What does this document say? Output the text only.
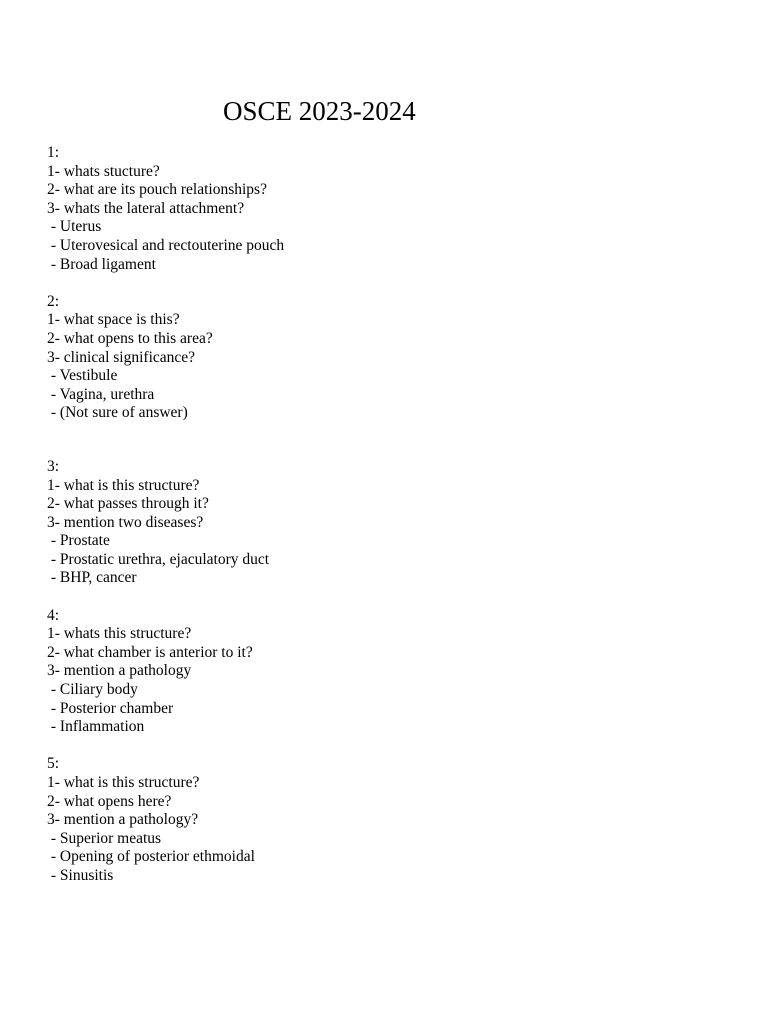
OSCE 2023-2024
1:
1- whats stucture?
2- what are its pouch relationships?
3- whats the lateral attachment?
- Uterus
- Uterovesical and rectouterine pouch
- Broad ligament
2:
1- what space is this?
2- what opens to this area?
3- clinical significance?
- Vestibule
- Vagina, urethra
- (Not sure of answer)
3:
1- what is this structure?
2- what passes through it?
3- mention two diseases?
- Prostate
- Prostatic urethra, ejaculatory duct
- BHP, cancer
4:
1- whats this structure?
2- what chamber is anterior to it?
3- mention a pathology
- Ciliary body
- Posterior chamber
- Inflammation
5:
1- what is this structure?
2- what opens here?
3- mention a pathology?
- Superior meatus
- Opening of posterior ethmoidal
- Sinusitis
